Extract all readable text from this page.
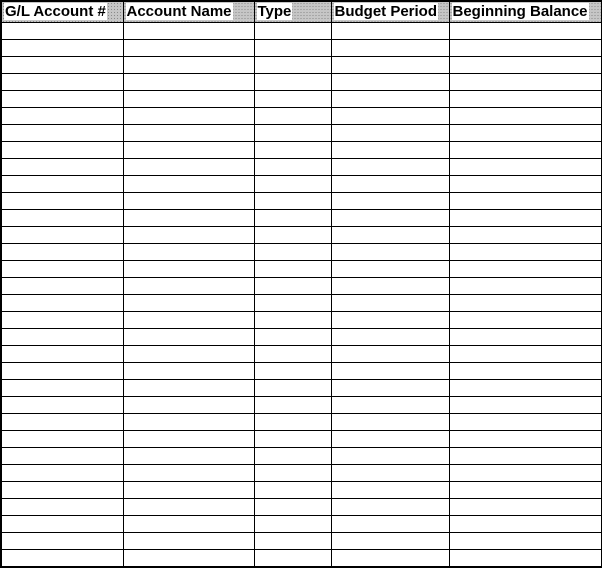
G/L Account #	Account Name	Type	Budget Period	Beginning Balance
